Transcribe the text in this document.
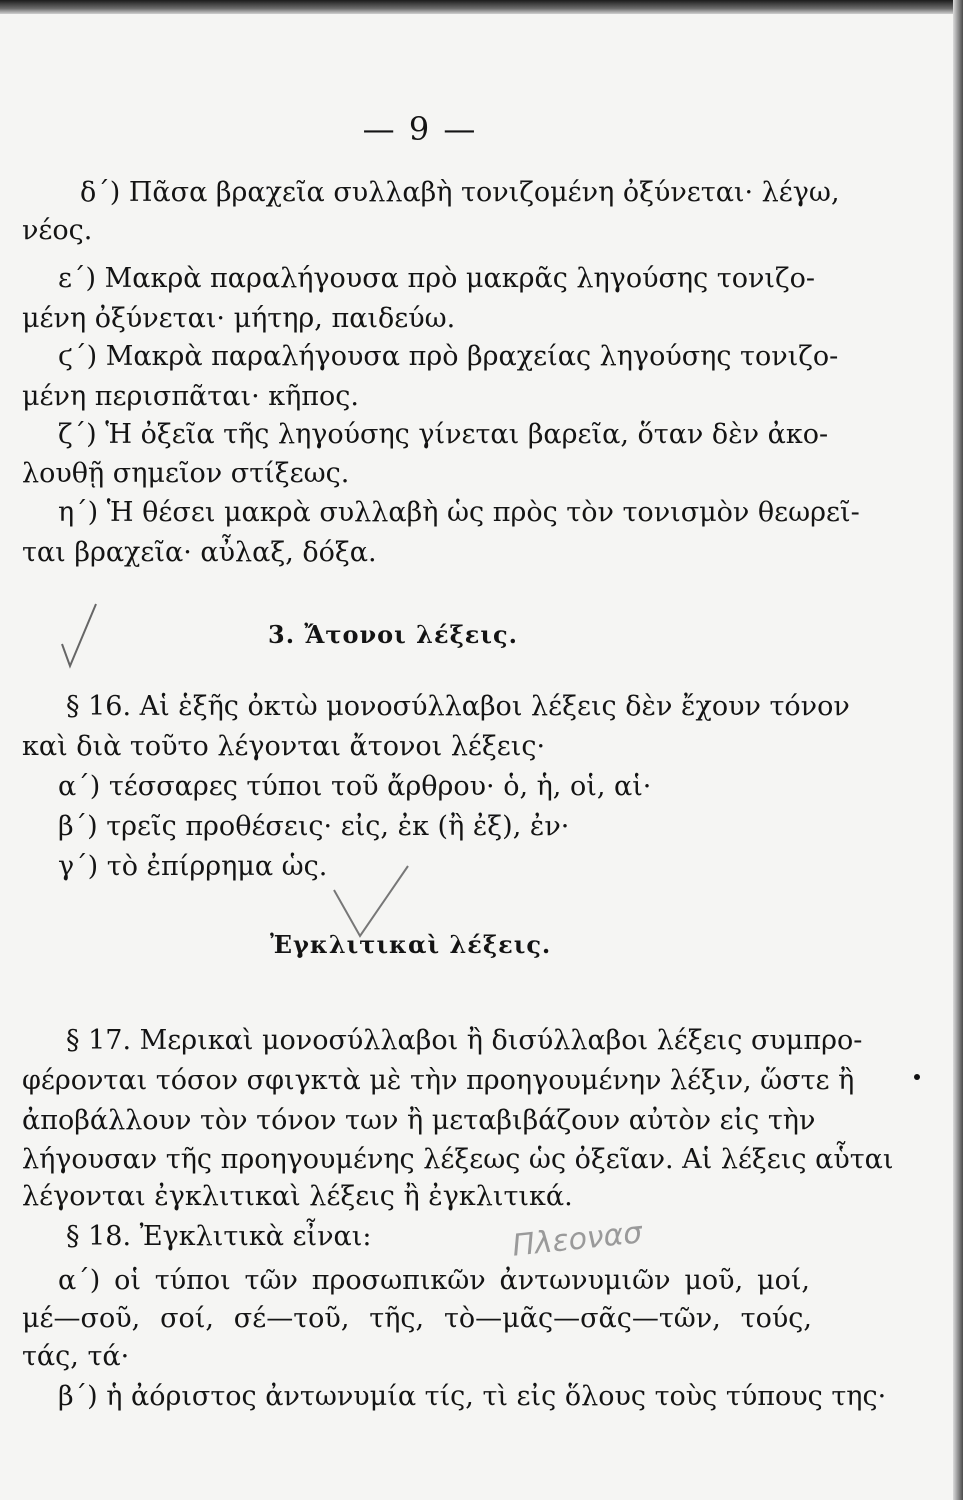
— 9 —
δ΄) Πᾶσα βραχεῖα συλλαβὴ τονιζομένη ὀξύνεται· λέγω,
νέος.
ε΄) Μακρὰ παραλήγουσα πρὸ μακρᾶς ληγούσης τονιζο-
μένη ὀξύνεται· μήτηρ, παιδεύω.
ϛ΄) Μακρὰ παραλήγουσα πρὸ βραχείας ληγούσης τονιζο-
μένη περισπᾶται· κῆπος.
ζ΄) Ἡ ὀξεῖα τῆς ληγούσης γίνεται βαρεῖα, ὅταν δὲν ἀκο-
λουθῇ σημεῖον στίξεως.
η΄) Ἡ θέσει μακρὰ συλλαβὴ ὡς πρὸς τὸν τονισμὸν θεωρεῖ-
ται βραχεῖα· αὖλαξ, δόξα.
3. Ἄτονοι λέξεις.
§ 16. Αἱ ἑξῆς ὀκτὼ μονοσύλλαβοι λέξεις δὲν ἔχουν τόνον
καὶ διὰ τοῦτο λέγονται ἄτονοι λέξεις·
α΄) τέσσαρες τύποι τοῦ ἄρθρου· ὁ, ἡ, οἱ, αἱ·
β΄) τρεῖς προθέσεις· εἰς, ἐκ (ἢ ἐξ), ἐν·
γ΄) τὸ ἐπίρρημα ὡς.
Ἐγκλιτικαὶ λέξεις.
§ 17. Μερικαὶ μονοσύλλαβοι ἢ δισύλλαβοι λέξεις συμπρο-
φέρονται τόσον σφιγκτὰ μὲ τὴν προηγουμένην λέξιν, ὥστε ἢ
ἀποβάλλουν τὸν τόνον των ἢ μεταβιβάζουν αὐτὸν εἰς τὴν
λήγουσαν τῆς προηγουμένης λέξεως ὡς ὀξεῖαν. Αἱ λέξεις αὗται
λέγονται ἐγκλιτικαὶ λέξεις ἢ ἐγκλιτικά.
§ 18. Ἐγκλιτικὰ εἶναι:	Πλεονασ
α΄) οἱ τύποι τῶν προσωπικῶν ἀντωνυμιῶν μοῦ, μοί,
μέ—σοῦ, σοί, σέ—τοῦ, τῆς, τὸ—μᾶς—σᾶς—τῶν, τούς,
τάς, τά·
β΄) ἡ ἀόριστος ἀντωνυμία τίς, τὶ εἰς ὅλους τοὺς τύπους της·
